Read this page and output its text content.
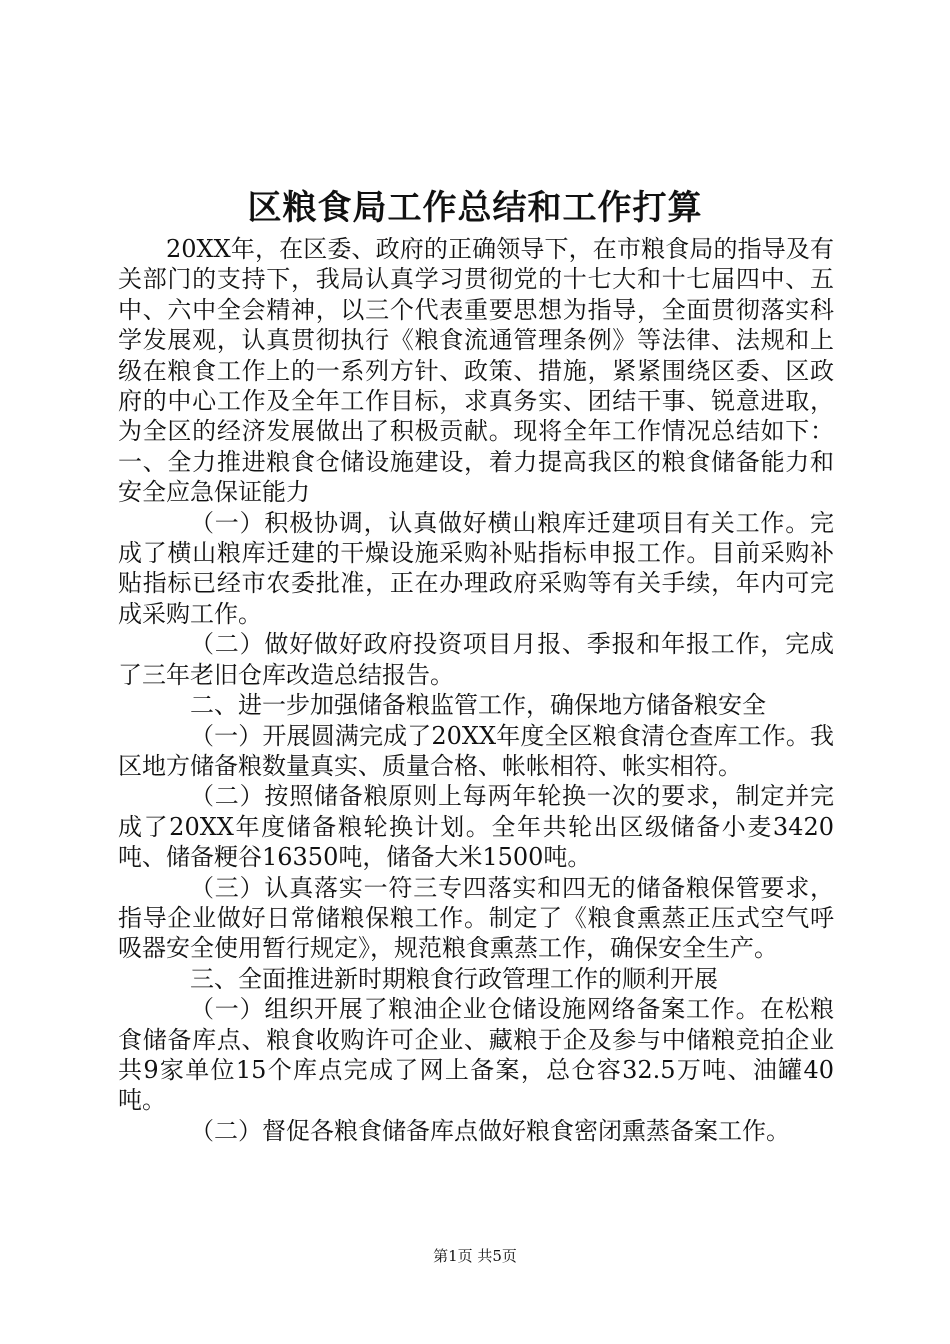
区粮食局工作总结和工作打算

20XX年，在区委、政府的正确领导下，在市粮食局的指导及有关部门的支持下，我局认真学习贯彻党的十七大和十七届四中、五中、六中全会精神，以三个代表重要思想为指导，全面贯彻落实科学发展观，认真贯彻执行《粮食流通管理条例》等法律、法规和上级在粮食工作上的一系列方针、政策、措施，紧紧围绕区委、区政府的中心工作及全年工作目标，求真务实、团结干事、锐意进取，为全区的经济发展做出了积极贡献。现将全年工作情况总结如下：一、全力推进粮食仓储设施建设，着力提高我区的粮食储备能力和安全应急保证能力

（一）积极协调，认真做好横山粮库迁建项目有关工作。完成了横山粮库迁建的干燥设施采购补贴指标申报工作。目前采购补贴指标已经市农委批准，正在办理政府采购等有关手续，年内可完成采购工作。

（二）做好做好政府投资项目月报、季报和年报工作，完成了三年老旧仓库改造总结报告。

二、进一步加强储备粮监管工作，确保地方储备粮安全

（一）开展圆满完成了20XX年度全区粮食清仓查库工作。我区地方储备粮数量真实、质量合格、帐帐相符、帐实相符。

（二）按照储备粮原则上每两年轮换一次的要求，制定并完成了20XX年度储备粮轮换计划。全年共轮出区级储备小麦3420吨、储备粳谷16350吨，储备大米1500吨。

（三）认真落实一符三专四落实和四无的储备粮保管要求，指导企业做好日常储粮保粮工作。制定了《粮食熏蒸正压式空气呼吸器安全使用暂行规定》，规范粮食熏蒸工作，确保安全生产。

三、全面推进新时期粮食行政管理工作的顺利开展

（一）组织开展了粮油企业仓储设施网络备案工作。在松粮食储备库点、粮食收购许可企业、藏粮于企及参与中储粮竞拍企业共9家单位15个库点完成了网上备案，总仓容32.5万吨、油罐40吨。

（二）督促各粮食储备库点做好粮食密闭熏蒸备案工作。

第1页 共5页
